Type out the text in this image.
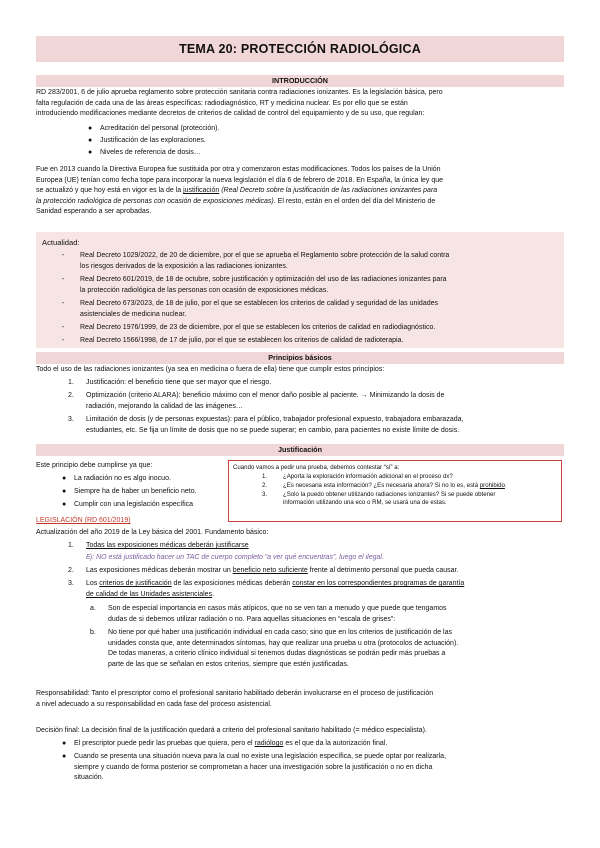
TEMA 20: PROTECCIÓN RADIOLÓGICA
INTRODUCCIÓN
RD 283/2001, 6 de julio aprueba reglamento sobre protección sanitaria contra radiaciones ionizantes. Es la legislación básica, pero
falta regulación de cada una de las áreas específicas: radiodiagnóstico, RT y medicina nuclear. Es por ello que se están
introduciendo modificaciones mediante decretos de criterios de calidad de control del equipamiento y de su uso, que regulan:
● Acreditación del personal (protección).
● Justificación de las exploraciones.
● Niveles de referencia de dosis…
Fue en 2013 cuando la Directiva Europea fue sustituida por otra y comenzaron estas modificaciones. Todos los países de la Unión
Europea (UE) tenían como fecha tope para incorporar la nueva legislación el día 6 de febrero de 2018. En España, la única ley que
se actualizó y que hoy está en vigor es la de la justificación (Real Decreto sobre la justificación de las radiaciones ionizantes para
la protección radiológica de personas con ocasión de exposiciones médicas). El resto, están en el orden del día del Ministerio de
Sanidad esperando a ser aprobadas.
Actualidad:
- Real Decreto 1029/2022, de 20 de diciembre, por el que se aprueba el Reglamento sobre protección de la salud contra
los riesgos derivados de la exposición a las radiaciones ionizantes.
- Real Decreto 601/2019, de 18 de octubre, sobre justificación y optimización del uso de las radiaciones ionizantes para
la protección radiológica de las personas con ocasión de exposiciones médicas.
- Real Decreto 673/2023, de 18 de julio, por el que se establecen los criterios de calidad y seguridad de las unidades
asistenciales de medicina nuclear.
- Real Decreto 1976/1999, de 23 de diciembre, por el que se establecen los criterios de calidad en radiodiagnóstico.
- Real Decreto 1566/1998, de 17 de julio, por el que se establecen los criterios de calidad de radioterapia.
Principios básicos
Todo el uso de las radiaciones ionizantes (ya sea en medicina o fuera de ella) tiene que cumplir estos principios:
1. Justificación: el beneficio tiene que ser mayor que el riesgo.
2. Optimización (criterio ALARA): beneficio máximo con el menor daño posible al paciente. → Minimizando la dosis de
radiación, mejorando la calidad de las imágenes…
3. Limitación de dosis (y de personas expuestas): para el público, trabajador profesional expuesto, trabajadora embarazada,
estudiantes, etc. Se fija un límite de dosis que no se puede superar; en cambio, para pacientes no existe límite de dosis.
Justificación
Este principio debe cumplirse ya que:
● La radiación no es algo inocuo.
● Siempre ha de haber un beneficio neto.
● Cumplir con una legislación específica
Cuando vamos a pedir una prueba, debemos contestar “sí” a:
1.	¿Aporta la exploración información adicional en el proceso dx?
2.	¿Es necesaria esta información? ¿Es necesaria ahora? Si no lo es, está prohibido.
3.	¿Solo la puedo obtener utilizando radiaciones ionizantes? Si se puede obtener
información utilizando una eco o RM, se usará una de estas.
LEGISLACIÓN (RD 601/2019)
Actualización del año 2019 de la Ley básica del 2001. Fundamento básico:
1. Todas las exposiciones médicas deberán justificarse
Ej: NO está justificado hacer un TAC de cuerpo completo “a ver qué encuentras”, luego el ilegal.
2. Las exposiciones médicas deberán mostrar un beneficio neto suficiente frente al detrimento personal que pueda causar.
3. Los criterios de justificación de las exposiciones médicas deberán constar en los correspondientes programas de garantía
de calidad de las Unidades asistenciales.
a. Son de especial importancia en casos más atípicos, que no se ven tan a menudo y que puede que tengamos
dudas de si debemos utilizar radiación o no. Para aquellas situaciones en “escala de grises”:
b. No tiene por qué haber una justificación individual en cada caso; sino que en los criterios de justificación de las
unidades consta que, ante determinados síntomas, hay que realizar una prueba u otra (protocolos de actuación).
De todas maneras, a criterio clínico individual si tenemos dudas diagnósticas se podrán pedir más pruebas a
parte de las que se señalan en estos criterios, siempre que estén justificadas.
Responsabilidad: Tanto el prescriptor como el profesional sanitario habilitado deberán involucrarse en el proceso de justificación
a nivel adecuado a su responsabilidad en cada fase del proceso asistencial.
Decisión final: La decisión final de la justificación quedará a criterio del profesional sanitario habilitado (= médico especialista).
● El prescriptor puede pedir las pruebas que quiera, pero el radiólogo es el que da la autorización final.
● Cuando se presenta una situación nueva para la cual no existe una legislación específica, se puede optar por realizarla,
siempre y cuando de forma posterior se comprometan a hacer una investigación sobre la justificación o no en dicha
situación.
